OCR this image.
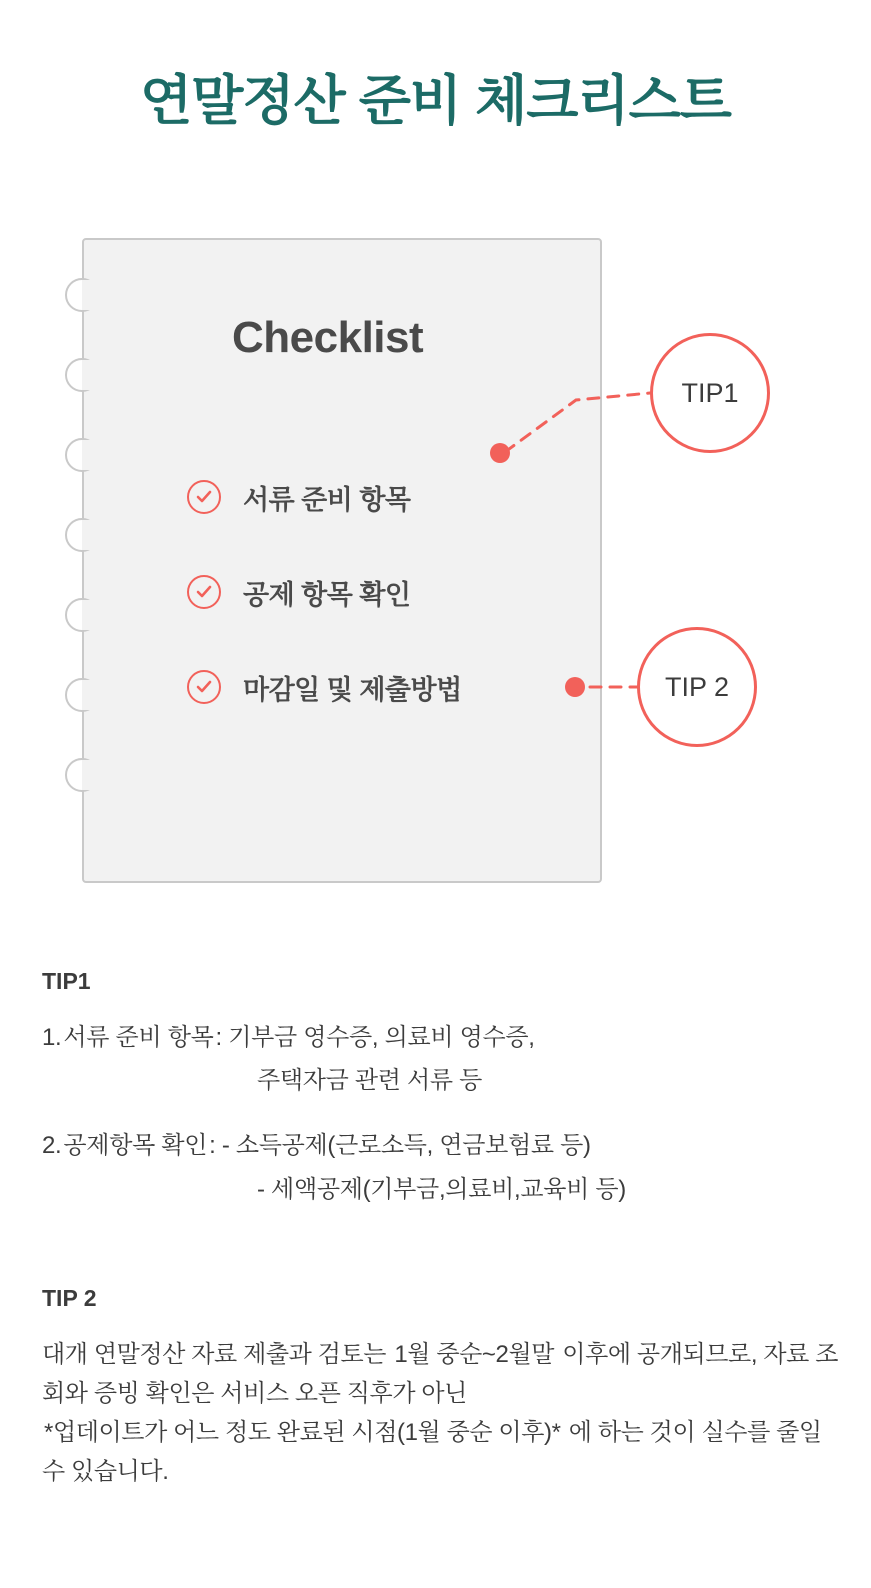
연말정산 준비 체크리스트
Checklist
서류 준비 항목
공제 항목 확인
마감일 및 제출방법
TIP1
TIP 2
TIP1
1.서류 준비 항목: 기부금 영수증, 의료비 영수증,
주택자금 관련 서류 등
2.공제항목 확인: - 소득공제(근로소득, 연금보험료 등)
- 세액공제(기부금,의료비,교육비 등)
TIP 2
대개 연말정산 자료 제출과 검토는 1월 중순~2월말 이후에 공개되므로, 자료 조회와 증빙 확인은 서비스 오픈 직후가 아닌 *업데이트가 어느 정도 완료된 시점(1월 중순 이후)* 에 하는 것이 실수를 줄일 수 있습니다.
